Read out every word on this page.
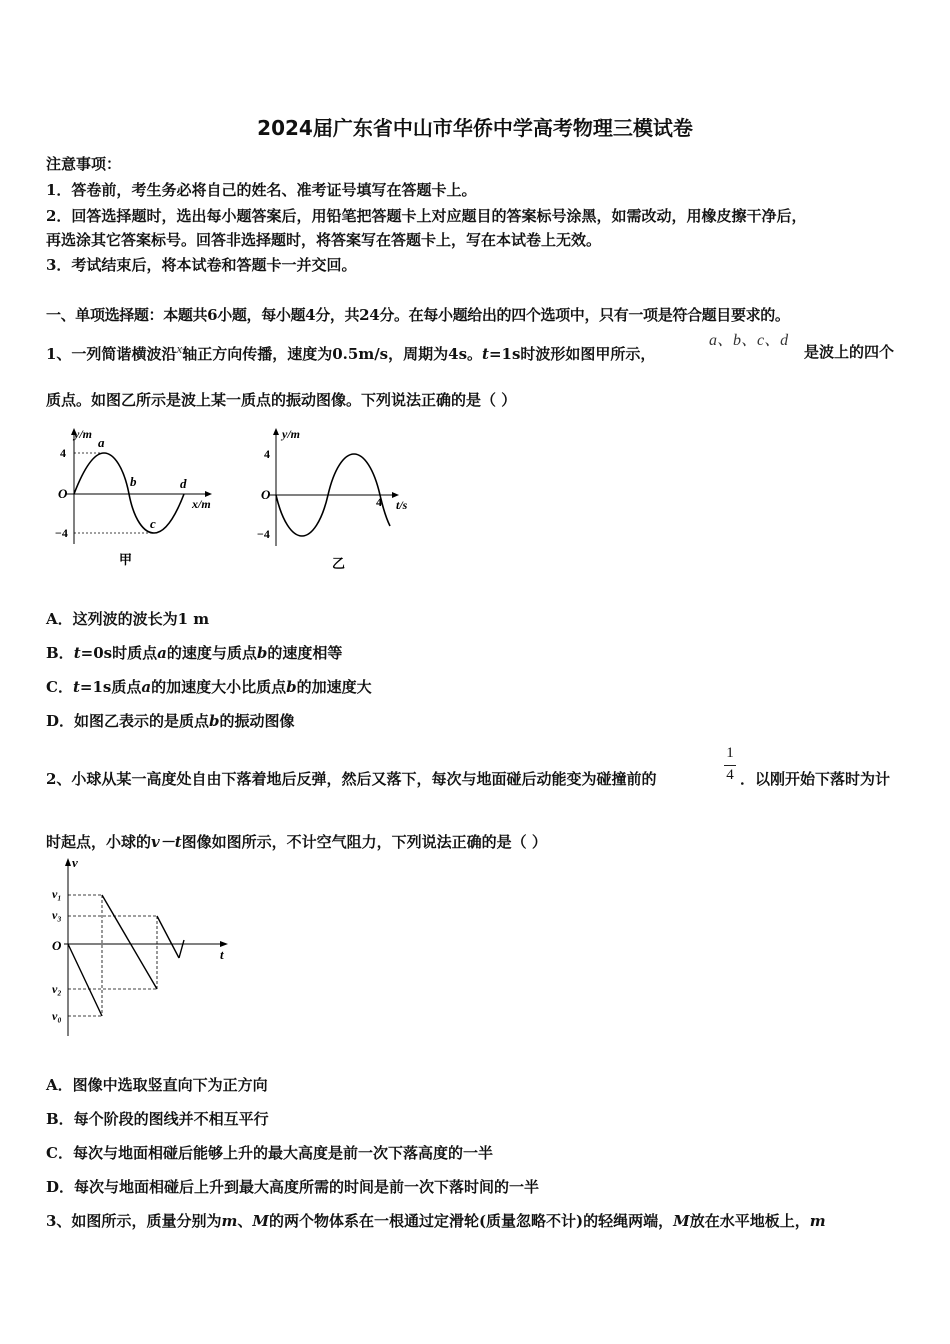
2024届广东省中山市华侨中学高考物理三模试卷
注意事项：
1．答卷前，考生务必将自己的姓名、准考证号填写在答题卡上。
2．回答选择题时，选出每小题答案后，用铅笔把答题卡上对应题目的答案标号涂黑，如需改动，用橡皮擦干净后，
再选涂其它答案标号。回答非选择题时，将答案写在答题卡上，写在本试卷上无效。
3．考试结束后，将本试卷和答题卡一并交回。
一、单项选择题：本题共6小题，每小题4分，共24分。在每小题给出的四个选项中，只有一项是符合题目要求的。
1、一列简谐横波沿$^x$轴正方向传播，速度为0.5m/s，周期为4s。t=1s时波形如图甲所示，
a、b、c、d
是波上的四个
质点。如图乙所示是波上某一质点的振动图像。下列说法正确的是（ ）
y/m
4
−4
O
x/m
a
b
c
d
甲
y/m
4
−4
O	4 t/s
乙
A．这列波的波长为1 m
B．t=0s时质点a的速度与质点b的速度相等
C．t=1s质点a的加速度大小比质点b的加速度大
D．如图乙表示的是质点b的振动图像
2、小球从某一高度处自由下落着地后反弹，然后又落下，每次与地面碰后动能变为碰撞前的
1
4 ．以刚开始下落时为计
时起点，小球的v－t图像如图所示，不计空气阻力，下列说法正确的是（ ）
v
v₁
v₃
O
t
v₂
v₀
A．图像中选取竖直向下为正方向
B．每个阶段的图线并不相互平行
C．每次与地面相碰后能够上升的最大高度是前一次下落高度的一半
D．每次与地面相碰后上升到最大高度所需的时间是前一次下落时间的一半
3、如图所示，质量分别为m、M的两个物体系在一根通过定滑轮(质量忽略不计)的轻绳两端，M放在水平地板上，m
